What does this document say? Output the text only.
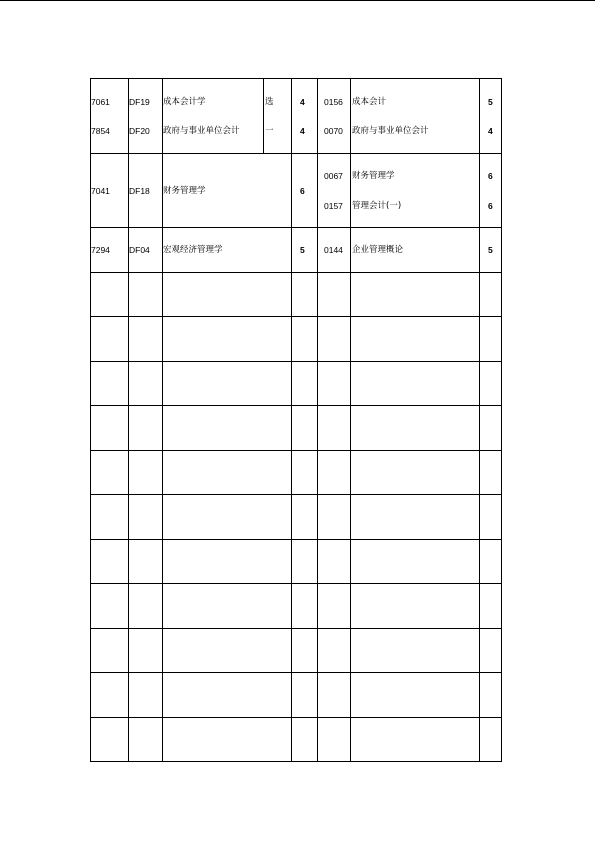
7061 DF19 成本会计学	选	4 0156 成本会计	5
7854 DF20 政府与事业单位会计	一	4 0070 政府与事业单位会计	4
7041 DF18 财务管理学	6
0067 财务管理学	6
0157 管理会计(一)	6
7294 DF04 宏观经济管理学	5 0144 企业管理概论	5
